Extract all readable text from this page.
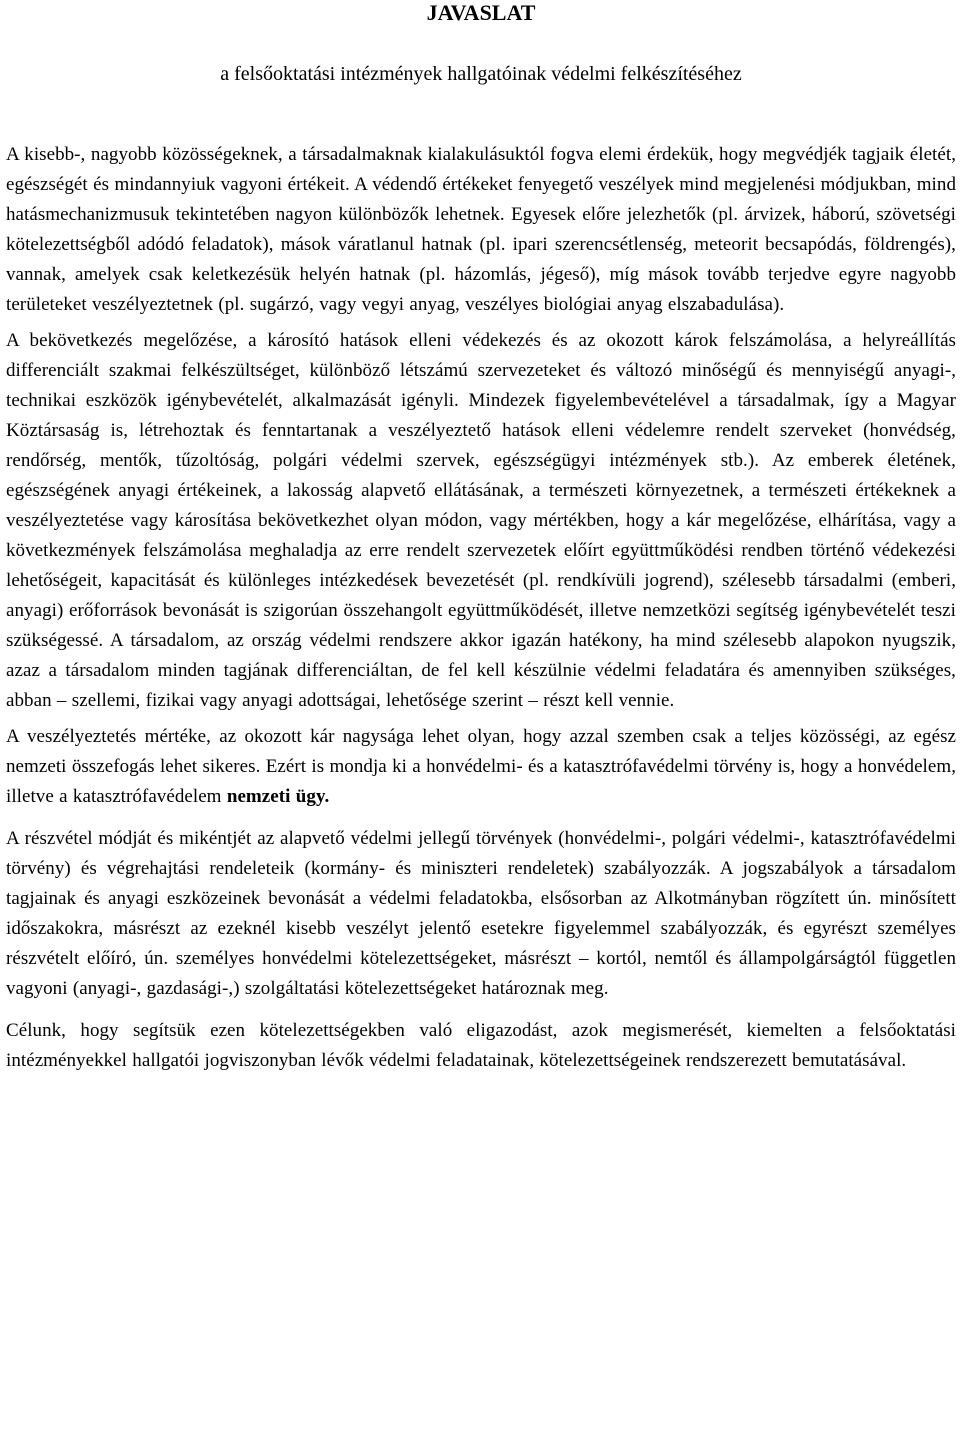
JAVASLAT

a felsőoktatási intézmények hallgatóinak védelmi felkészítéséhez

A kisebb-, nagyobb közösségeknek, a társadalmaknak kialakulásuktól fogva elemi érdekük, hogy megvédjék tagjaik életét, egészségét és mindannyiuk vagyoni értékeit. A védendő értékeket fenyegető veszélyek mind megjelenési módjukban, mind hatásmechanizmusuk tekintetében nagyon különbözők lehetnek. Egyesek előre jelezhetők (pl. árvizek, háború, szövetségi kötelezettségből adódó feladatok), mások váratlanul hatnak (pl. ipari szerencsétlenség, meteorit becsapódás, földrengés), vannak, amelyek csak keletkezésük helyén hatnak (pl. házomlás, jégeső), míg mások tovább terjedve egyre nagyobb területeket veszélyeztetnek (pl. sugárzó, vagy vegyi anyag, veszélyes biológiai anyag elszabadulása).

A bekövetkezés megelőzése, a károsító hatások elleni védekezés és az okozott károk felszámolása, a helyreállítás differenciált szakmai felkészültséget, különböző létszámú szervezeteket és változó minőségű és mennyiségű anyagi-, technikai eszközök igénybevételét, alkalmazását igényli. Mindezek figyelembevételével a társadalmak, így a Magyar Köztársaság is, létrehoztak és fenntartanak a veszélyeztető hatások elleni védelemre rendelt szerveket (honvédség, rendőrség, mentők, tűzoltóság, polgári védelmi szervek, egészségügyi intézmények stb.). Az emberek életének, egészségének anyagi értékeinek, a lakosság alapvető ellátásának, a természeti környezetnek, a természeti értékeknek a veszélyeztetése vagy károsítása bekövetkezhet olyan módon, vagy mértékben, hogy a kár megelőzése, elhárítása, vagy a következmények felszámolása meghaladja az erre rendelt szervezetek előírt együttműködési rendben történő védekezési lehetőségeit, kapacitását és különleges intézkedések bevezetését (pl. rendkívüli jogrend), szélesebb társadalmi (emberi, anyagi) erőforrások bevonását is szigorúan összehangolt együttműködését, illetve nemzetközi segítség igénybevételét teszi szükségessé. A társadalom, az ország védelmi rendszere akkor igazán hatékony, ha mind szélesebb alapokon nyugszik, azaz a társadalom minden tagjának differenciáltan, de fel kell készülnie védelmi feladatára és amennyiben szükséges, abban – szellemi, fizikai vagy anyagi adottságai, lehetősége szerint – részt kell vennie.

A veszélyeztetés mértéke, az okozott kár nagysága lehet olyan, hogy azzal szemben csak a teljes közösségi, az egész nemzeti összefogás lehet sikeres. Ezért is mondja ki a honvédelmi- és a katasztrófavédelmi törvény is, hogy a honvédelem, illetve a katasztrófavédelem nemzeti ügy.

A részvétel módját és mikéntjét az alapvető védelmi jellegű törvények (honvédelmi-, polgári védelmi-, katasztrófavédelmi törvény) és végrehajtási rendeleteik (kormány- és miniszteri rendeletek) szabályozzák. A jogszabályok a társadalom tagjainak és anyagi eszközeinek bevonását a védelmi feladatokba, elsősorban az Alkotmányban rögzített ún. minősített időszakokra, másrészt az ezeknél kisebb veszélyt jelentő esetekre figyelemmel szabályozzák, és egyrészt személyes részvételt előíró, ún. személyes honvédelmi kötelezettségeket, másrészt – kortól, nemtől és állampolgárságtól független vagyoni (anyagi-, gazdasági-,) szolgáltatási kötelezettségeket határoznak meg.

Célunk, hogy segítsük ezen kötelezettségekben való eligazodást, azok megismerését, kiemelten a felsőoktatási intézményekkel hallgatói jogviszonyban lévők védelmi feladatainak, kötelezettségeinek rendszerezett bemutatásával.
